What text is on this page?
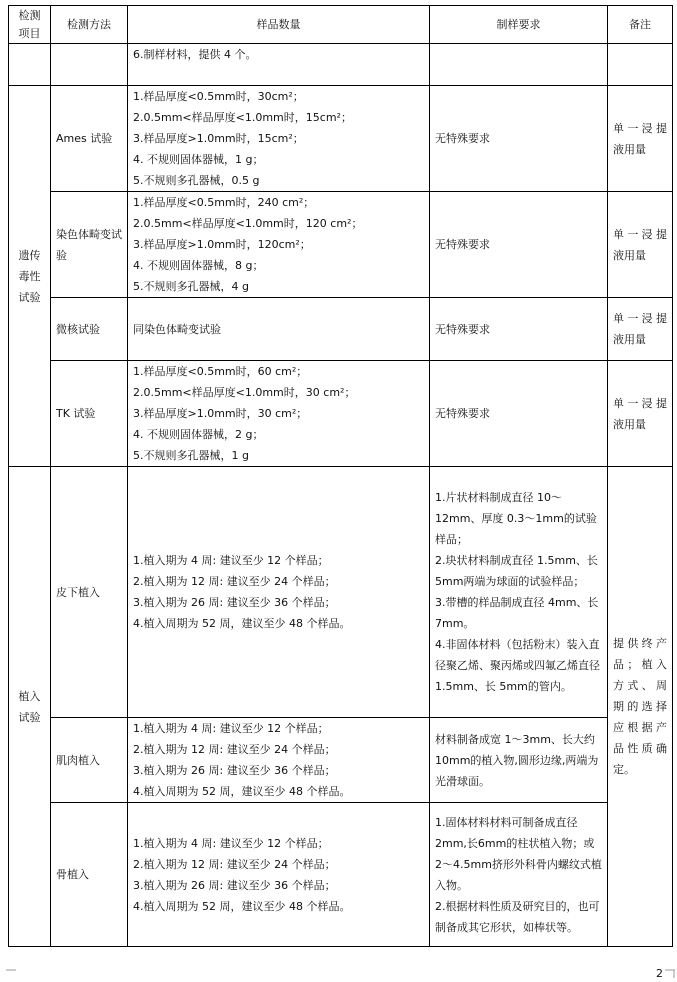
检测
项目	检测方法	样品数量	制样要求	备注

		6.制样材料，提供 4 个。		

遗传
毒性
试验	Ames 试验	1.样品厚度<0.5mm时，30cm²；
2.0.5mm<样品厚度<1.0mm时，15cm²；
3.样品厚度>1.0mm时，15cm²；
4. 不规则固体器械，1 g；
5.不规则多孔器械，0.5 g	无特殊要求	单一浸提液用量
	染色体畸变试验	1.样品厚度<0.5mm时，240 cm²；
2.0.5mm<样品厚度<1.0mm时，120 cm²；
3.样品厚度>1.0mm时，120cm²；
4. 不规则固体器械，8 g；
5.不规则多孔器械，4 g	无特殊要求	单一浸提液用量
	微核试验	同染色体畸变试验	无特殊要求	单一浸提液用量
	TK 试验	1.样品厚度<0.5mm时，60 cm²；
2.0.5mm<样品厚度<1.0mm时，30 cm²；
3.样品厚度>1.0mm时，30 cm²；
4. 不规则固体器械，2 g；
5.不规则多孔器械，1 g	无特殊要求	单一浸提液用量
植入
试验	皮下植入	1.植入期为 4 周: 建议至少 12 个样品；
2.植入期为 12 周: 建议至少 24 个样品；
3.植入期为 26 周: 建议至少 36 个样品；
4.植入周期为 52 周，建议至少 48 个样品。	1.片状材料制成直径 10～12mm、厚度 0.3～1mm的试验样品；
2.块状材料制成直径 1.5mm、长 5mm两端为球面的试验样品；
3.带槽的样品制成直径 4mm、长 7mm。
4.非固体材料（包括粉末）装入直径聚乙烯、聚丙烯或四氟乙烯直径 1.5mm、长 5mm的管内。	提供终产品；植入方式、周期的选择应根据产品性质确定。
	肌肉植入	1.植入期为 4 周: 建议至少 12 个样品；
2.植入期为 12 周: 建议至少 24 个样品；
3.植入期为 26 周: 建议至少 36 个样品；
4.植入周期为 52 周，建议至少 48 个样品。	材料制备成宽 1～3mm、长大约 10mm的植入物,圆形边缘,两端为光滑球面。	

	骨植入	1.植入期为 4 周: 建议至少 12 个样品；
2.植入期为 12 周: 建议至少 24 个样品；
3.植入期为 26 周: 建议至少 36 个样品；
4.植入周期为 52 周，建议至少 48 个样品。	1.固体材料材料可制备成直径2mm,长6mm的柱状植入物；或 2～4.5mm挤形外科骨内螺纹式植入物。
2.根据材料性质及研究目的，也可制备成其它形状，如棒状等。	
2
